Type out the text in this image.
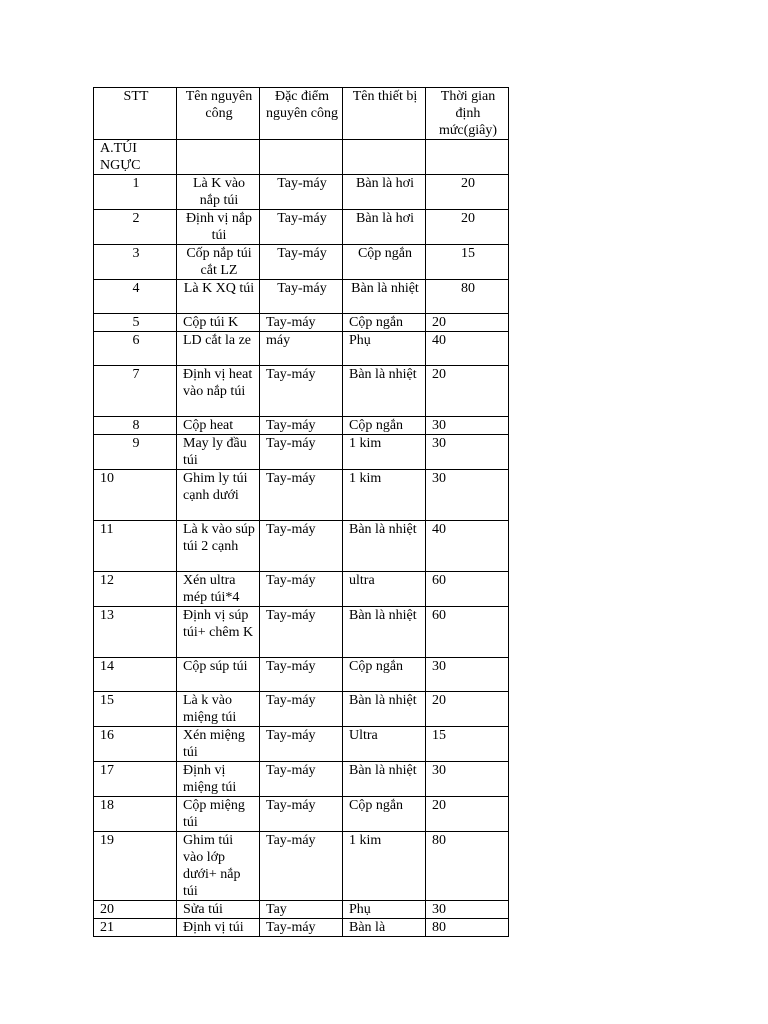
STT	Tên nguyên công	Đặc điểm nguyên công	Tên thiết bị	Thời gian định mức(giây)
A.TÚI NGỰC				
1	Là K vào nắp túi	Tay-máy	Bàn là hơi	20
2	Định vị nắp túi	Tay-máy	Bàn là hơi	20
3	Cốp nắp túi cắt LZ	Tay-máy	Cộp ngắn	15
4	Là K XQ túi	Tay-máy	Bàn là nhiệt	80
5	Cộp túi K	Tay-máy	Cộp ngắn	20
6	LD cắt la ze	máy	Phụ	40
7	Định vị heat vào nắp túi	Tay-máy	Bàn là nhiệt	20
8	Cộp heat	Tay-máy	Cộp ngắn	30
9	May ly đầu túi	Tay-máy	1 kim	30
10	Ghim ly túi cạnh dưới	Tay-máy	1 kim	30
11	Là k vào súp túi 2 cạnh	Tay-máy	Bàn là nhiệt	40
12	Xén ultra mép túi*4	Tay-máy	ultra	60
13	Định vị súp túi+ chêm K	Tay-máy	Bàn là nhiệt	60
14	Cộp súp túi	Tay-máy	Cộp ngắn	30
15	Là k vào miệng túi	Tay-máy	Bàn là nhiệt	20
16	Xén miệng túi	Tay-máy	Ultra	15
17	Định vị miệng túi	Tay-máy	Bàn là nhiệt	30
18	Cộp miệng túi	Tay-máy	Cộp ngắn	20
19	Ghim túi vào lớp dưới+ nắp túi	Tay-máy	1 kim	80
20	Sửa túi	Tay	Phụ	30
21	Định vị túi	Tay-máy	Bàn là	80
